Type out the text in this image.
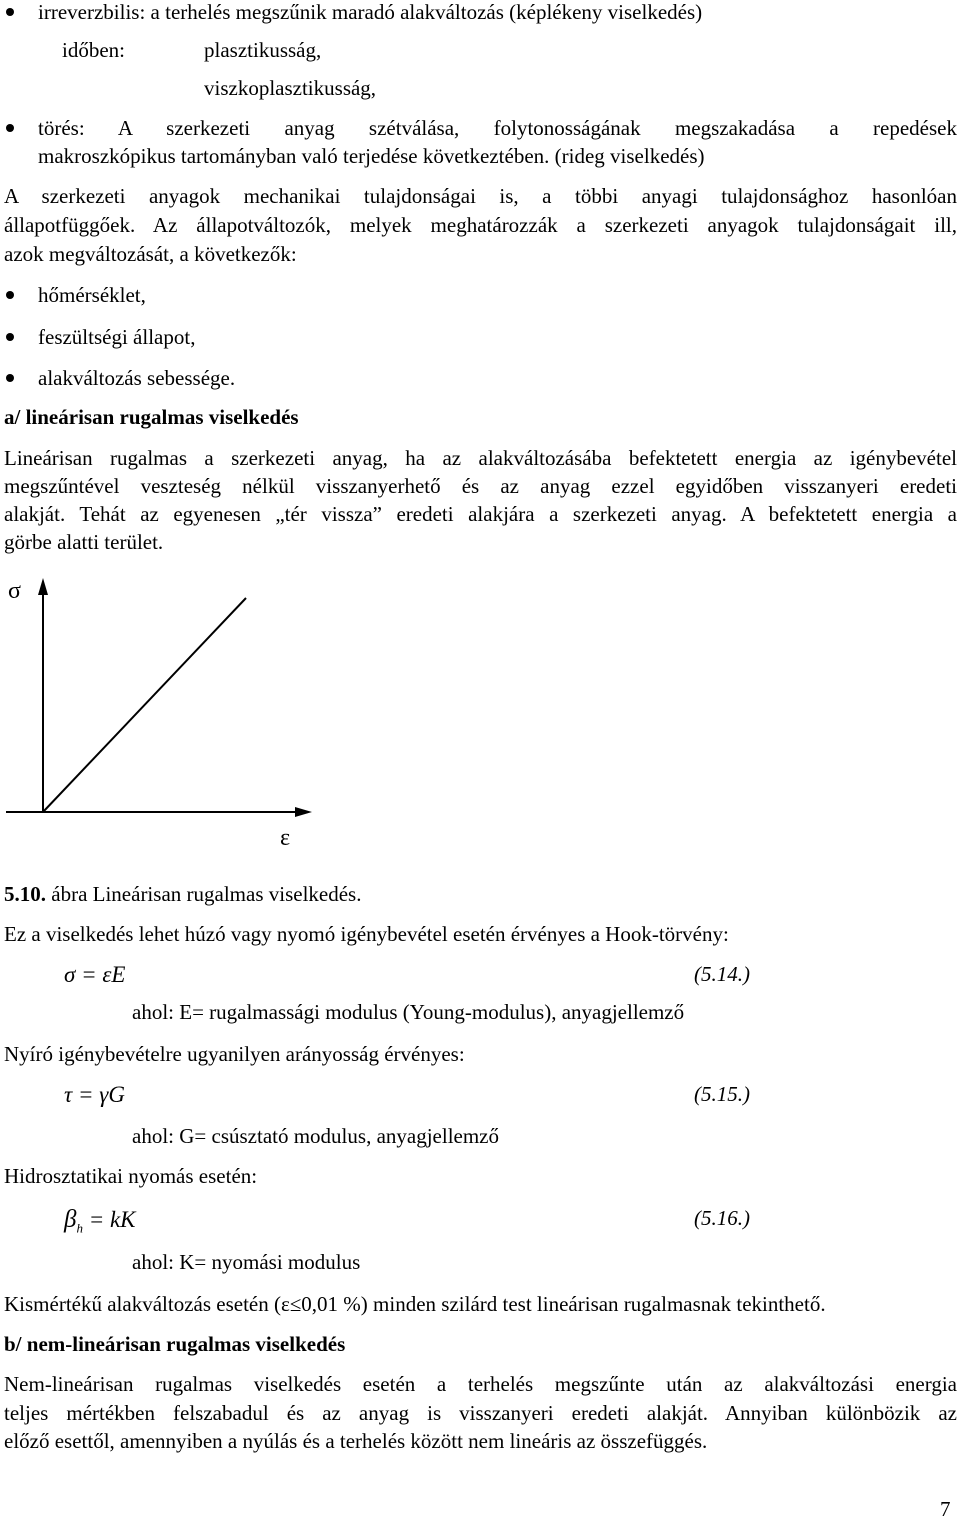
irreverzbilis: a terhelés megszűnik maradó alakváltozás (képlékeny viselkedés)
időben:	plasztikusság,
viszkoplasztikusság,
törés: A szerkezeti anyag szétválása, folytonosságának megszakadása a repedések
makroszkópikus tartományban való terjedése következtében. (rideg viselkedés)
A szerkezeti anyagok mechanikai tulajdonságai is, a többi anyagi tulajdonsághoz hasonlóan
állapotfüggőek. Az állapotváltozók, melyek meghatározzák a szerkezeti anyagok tulajdonságait ill,
azok megváltozását, a következők:
hőmérséklet,
feszültségi állapot,
alakváltozás sebessége.
a/ lineárisan rugalmas viselkedés
Lineárisan rugalmas a szerkezeti anyag, ha az alakváltozásába befektetett energia az igénybevétel
megszűntével veszteség nélkül visszanyerhető és az anyag ezzel egyidőben visszanyeri eredeti
alakját. Tehát az egyenesen „tér vissza” eredeti alakjára a szerkezeti anyag. A befektetett energia a
görbe alatti terület.
σ
ε
5.10. ábra Lineárisan rugalmas viselkedés.
Ez a viselkedés lehet húzó vagy nyomó igénybevétel esetén érvényes a Hook-törvény:
σ = εE	(5.14.)
ahol: E= rugalmassági modulus (Young-modulus), anyagjellemző
Nyíró igénybevételre ugyanilyen arányosság érvényes:
τ = γG	(5.15.)
ahol: G= csúsztató modulus, anyagjellemző
Hidrosztatikai nyomás esetén:
$\beta_h$ = kK	(5.16.)
ahol: K= nyomási modulus
Kismértékű alakváltozás esetén (ε≤0,01 %) minden szilárd test lineárisan rugalmasnak tekinthető.
b/ nem-lineárisan rugalmas viselkedés
Nem-lineárisan rugalmas viselkedés esetén a terhelés megszűnte után az alakváltozási energia
teljes mértékben felszabadul és az anyag is visszanyeri eredeti alakját. Annyiban különbözik az
előző esettől, amennyiben a nyúlás és a terhelés között nem lineáris az összefüggés.
7
